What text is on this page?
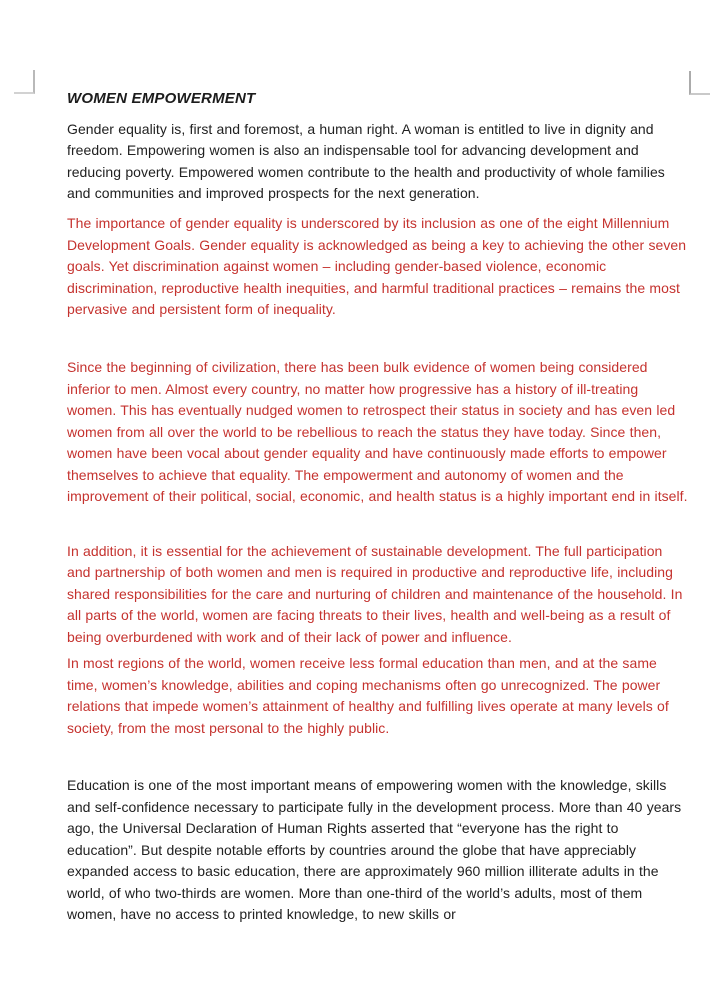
WOMEN EMPOWERMENT

Gender equality is, first and foremost, a human right. A woman is entitled to live in dignity and freedom. Empowering women is also an indispensable tool for advancing development and reducing poverty. Empowered women contribute to the health and productivity of whole families and communities and improved prospects for the next generation.

The importance of gender equality is underscored by its inclusion as one of the eight Millennium Development Goals. Gender equality is acknowledged as being a key to achieving the other seven goals. Yet discrimination against women – including gender-based violence, economic discrimination, reproductive health inequities, and harmful traditional practices – remains the most pervasive and persistent form of inequality.

Since the beginning of civilization, there has been bulk evidence of women being considered inferior to men. Almost every country, no matter how progressive has a history of ill-treating women. This has eventually nudged women to retrospect their status in society and has even led women from all over the world to be rebellious to reach the status they have today. Since then, women have been vocal about gender equality and have continuously made efforts to empower themselves to achieve that equality. The empowerment and autonomy of women and the improvement of their political, social, economic, and health status is a highly important end in itself.

In addition, it is essential for the achievement of sustainable development. The full participation and partnership of both women and men is required in productive and reproductive life, including shared responsibilities for the care and nurturing of children and maintenance of the household. In all parts of the world, women are facing threats to their lives, health and well-being as a result of being overburdened with work and of their lack of power and influence.

In most regions of the world, women receive less formal education than men, and at the same time, women’s knowledge, abilities and coping mechanisms often go unrecognized. The power relations that impede women’s attainment of healthy and fulfilling lives operate at many levels of society, from the most personal to the highly public.

Education is one of the most important means of empowering women with the knowledge, skills and self-confidence necessary to participate fully in the development process. More than 40 years ago, the Universal Declaration of Human Rights asserted that “everyone has the right to education”. But despite notable efforts by countries around the globe that have appreciably expanded access to basic education, there are approximately 960 million illiterate adults in the world, of who two-thirds are women. More than one-third of the world’s adults, most of them women, have no access to printed knowledge, to new skills or
